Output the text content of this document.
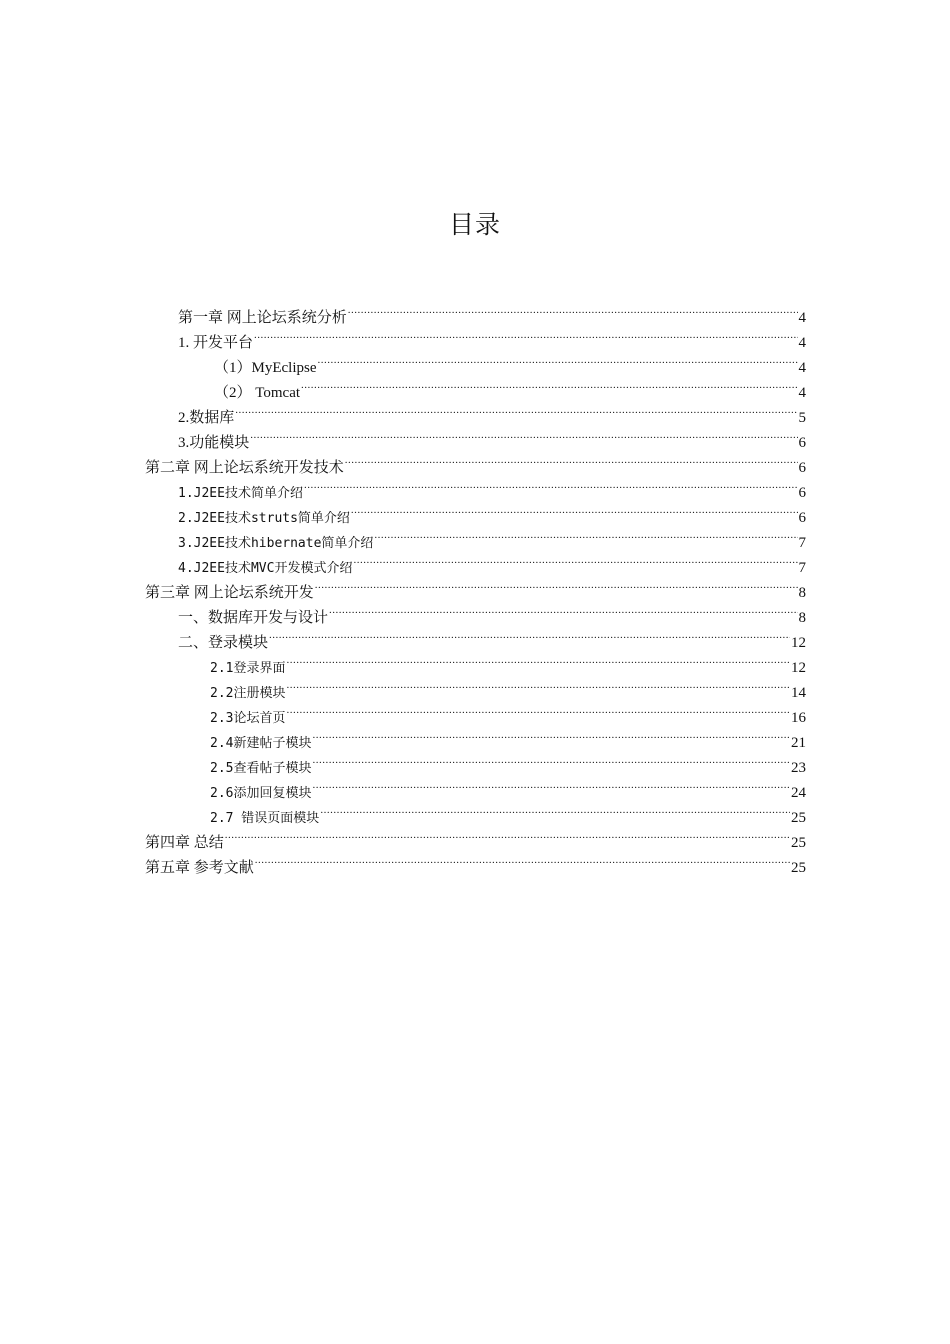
目录
第一章 网上论坛系统分析 .....	4
1. 开发平台 .....	4
（1）MyEclipse .....	4
（2） Tomcat .....	4
2.数据库 .....	5
3.功能模块 .....	6
第二章 网上论坛系统开发技术 .....	6
1.J2EE技术简单介绍 .....	6
2.J2EE技术struts简单介绍 .....	6
3.J2EE技术hibernate简单介绍 .....	7
4.J2EE技术MVC开发模式介绍 .....	7
第三章 网上论坛系统开发 .....	8
一、数据库开发与设计 .....	8
二、登录模块 .....	12
2.1登录界面 .....	12
2.2注册模块 .....	14
2.3论坛首页 .....	16
2.4新建帖子模块 .....	21
2.5查看帖子模块 .....	23
2.6添加回复模块 .....	24
2.7 错误页面模块 .....	25
第四章 总结 .....	25
第五章 参考文献 .....	25
